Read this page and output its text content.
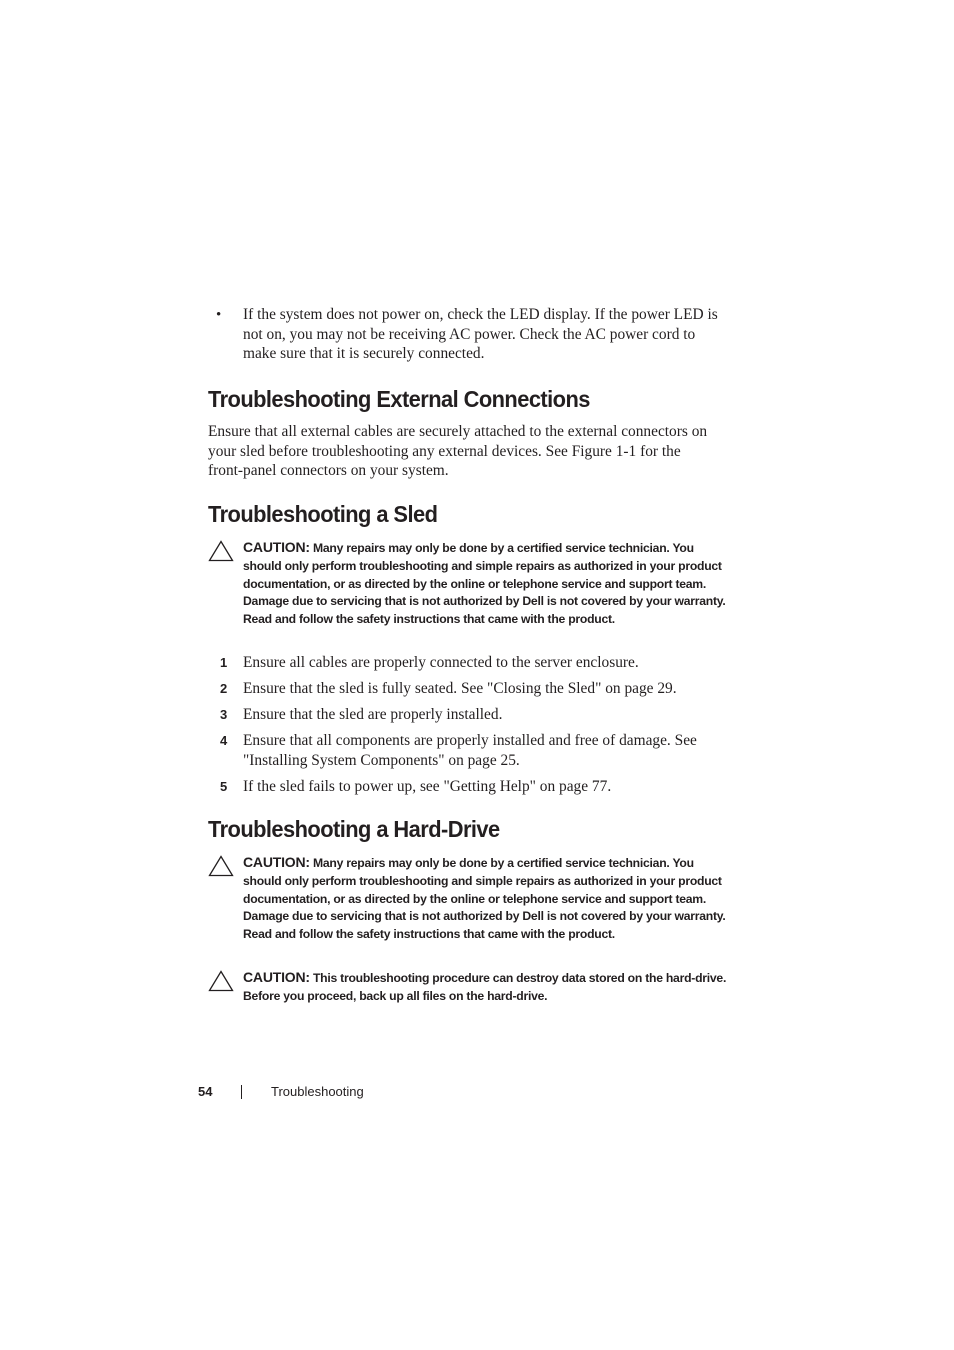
•	If the system does not power on, check the LED display. If the power LED is not on, you may not be receiving AC power. Check the AC power cord to make sure that it is securely connected.
Troubleshooting External Connections
Ensure that all external cables are securely attached to the external connectors on your sled before troubleshooting any external devices. See Figure 1-1 for the front-panel connectors on your system.
Troubleshooting a Sled
CAUTION: Many repairs may only be done by a certified service technician. You should only perform troubleshooting and simple repairs as authorized in your product documentation, or as directed by the online or telephone service and support team. Damage due to servicing that is not authorized by Dell is not covered by your warranty. Read and follow the safety instructions that came with the product.
1	Ensure all cables are properly connected to the server enclosure.
2	Ensure that the sled is fully seated. See "Closing the Sled" on page 29.
3	Ensure that the sled are properly installed.
4	Ensure that all components are properly installed and free of damage. See "Installing System Components" on page 25.
5	If the sled fails to power up, see "Getting Help" on page 77.
Troubleshooting a Hard-Drive
CAUTION: Many repairs may only be done by a certified service technician. You should only perform troubleshooting and simple repairs as authorized in your product documentation, or as directed by the online or telephone service and support team. Damage due to servicing that is not authorized by Dell is not covered by your warranty. Read and follow the safety instructions that came with the product.
CAUTION: This troubleshooting procedure can destroy data stored on the hard-drive. Before you proceed, back up all files on the hard-drive.
54	Troubleshooting
